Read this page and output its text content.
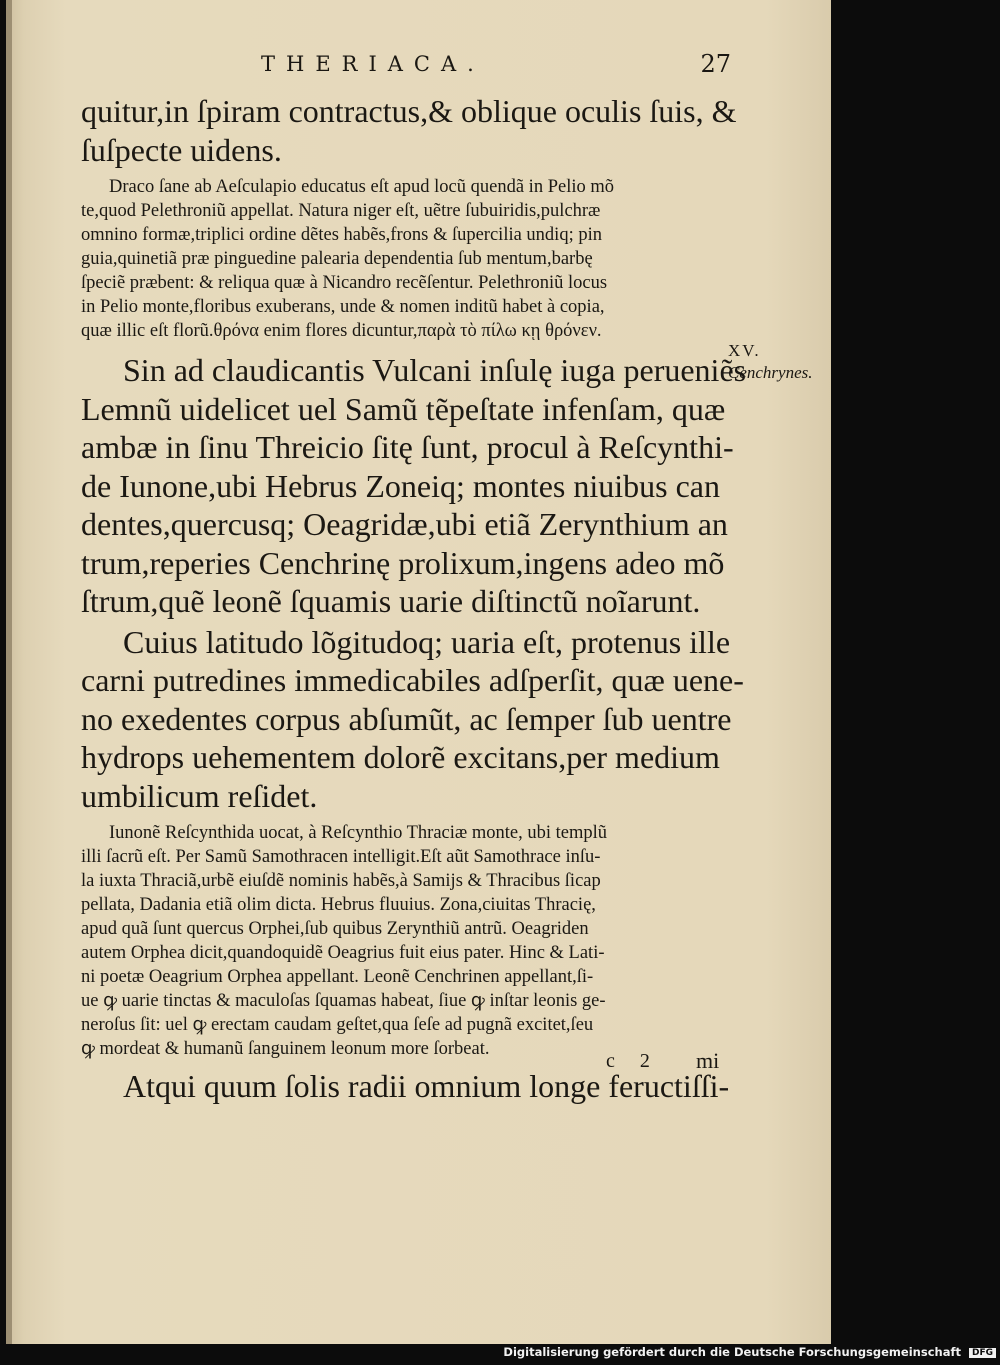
THERIACA.	27

quitur,in ſpiram contractus,& oblique oculis ſuis, &

ſuſpecte uidens.

Draco ſane ab Aeſculapio educatus eſt apud locũ quendã in Pelio mõ

te,quod Pelethroniũ appellat. Natura niger eſt, uẽtre ſubuiridis,pulchræ

omnino formæ,triplici ordine dẽtes habẽs,frons & ſupercilia undiq; pin

guia,quinetiã præ pinguedine palearia dependentia ſub mentum,barbę

ſpeciẽ præbent: & reliqua quæ à Nicandro recẽſentur. Pelethroniũ locus

in Pelio monte,floribus exuberans, unde & nomen inditũ habet à copia,

quæ illic eſt florũ.θρόνα enim flores dicuntur,παρὰ τὸ πίλω κῃ θρόνεν.

Sin ad claudicantis Vulcani inſulę iuga perueniẽs

Lemnũ uidelicet uel Samũ tẽpeſtate infenſam, quæ

ambæ in ſinu Threicio ſitę ſunt, procul à Reſcynthi-

de Iunone,ubi Hebrus Zoneiq; montes niuibus can

dentes,quercusq; Oeagridæ,ubi etiã Zerynthium an

trum,reperies Cenchrinę prolixum,ingens adeo mõ

ſtrum,quẽ leonẽ ſquamis uarie diſtinctũ noĩarunt.

Cuius latitudo lõgitudoq; uaria eſt, protenus ille

carni putredines immedicabiles adſperſit, quæ uene-

no exedentes corpus abſumũt, ac ſemper ſub uentre

hydrops uehementem dolorẽ excitans,per medium

umbilicum reſidet.

Iunonẽ Reſcynthida uocat, à Reſcynthio Thraciæ monte, ubi templũ

illi ſacrũ eſt. Per Samũ Samothracen intelligit.Eſt aũt Samothrace inſu-

la iuxta Thraciã,urbẽ eiuſdẽ nominis habẽs,à Samijs & Thracibus ſicap

pellata, Dadania etiã olim dicta. Hebrus fluuius. Zona,ciuitas Thracię,

apud quã ſunt quercus Orphei,ſub quibus Zerynthiũ antrũ. Oeagriden

autem Orphea dicit,quandoquidẽ Oeagrius fuit eius pater. Hinc & Lati-

ni poetæ Oeagrium Orphea appellant. Leonẽ Cenchrinen appellant,ſi-

ue ꝙ uarie tinctas & maculoſas ſquamas habeat, ſiue ꝙ inſtar leonis ge-

neroſus ſit: uel ꝙ erectam caudam geſtet,qua ſeſe ad pugnã excitet,ſeu

ꝙ mordeat & humanũ ſanguinem leonum more ſorbeat.

Atqui quum ſolis radii omnium longe feructiſſi-

XV.
Cenchrynes.
c 2 mi
Digitalisierung gefördert durch die Deutsche Forschungsgemeinschaft DFG
